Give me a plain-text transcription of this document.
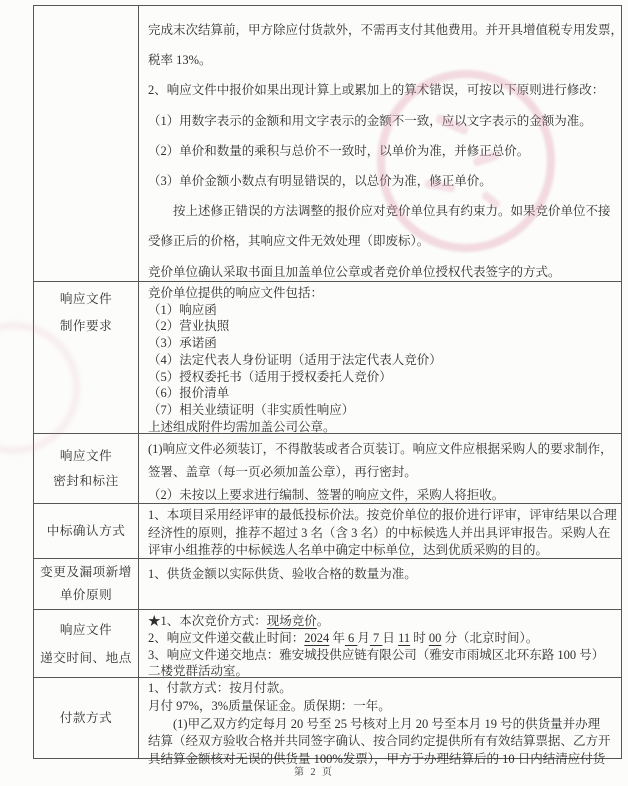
完成末次结算前，甲方除应付货款外，不需再支付其他费用。并开具增值税专用发票，
税率 13%。
2、响应文件中报价如果出现计算上或累加上的算术错误，可按以下原则进行修改：
（1）用数字表示的金额和用文字表示的金额不一致，应以文字表示的金额为准。
（2）单价和数量的乘积与总价不一致时，以单价为准，并修正总价。
（3）单价金额小数点有明显错误的，以总价为准，修正单价。
　　按上述修正错误的方法调整的报价应对竞价单位具有约束力。如果竞价单位不接
受修正后的价格，其响应文件无效处理（即废标）。
竞价单位确认采取书面且加盖单位公章或者竞价单位授权代表签字的方式。
响应文件
制作要求
竞价单位提供的响应文件包括：
（1）响应函
（2）营业执照
（3）承诺函
（4）法定代表人身份证明（适用于法定代表人竞价）
（5）授权委托书（适用于授权委托人竞价）
（6）报价清单
（7）相关业绩证明（非实质性响应）
上述组成附件均需加盖公司公章。
响应文件
密封和标注
(1)响应文件必须装订，不得散装或者合页装订。响应文件应根据采购人的要求制作，
签署、盖章（每一页必须加盖公章），再行密封。
（2）未按以上要求进行编制、签署的响应文件，采购人将拒收。
中标确认方式
1、本项目采用经评审的最低投标价法。按竞价单位的报价进行评审，评审结果以合理
经济性的原则，推荐不超过 3 名（含 3 名）的中标候选人并出具评审报告。采购人在
评审小组推荐的中标候选人名单中确定中标单位，达到优质采购的目的。
变更及漏项新增
单价原则
1、供货金额以实际供货、验收合格的数量为准。
响应文件
递交时间、地点
★1、本次竞价方式：现场竞价。
2、响应文件递交截止时间：2024 年 6 月 7 日 11 时 00 分（北京时间）。
3、响应文件递交地点：雅安城投供应链有限公司（雅安市雨城区北环东路 100 号）
二楼党群活动室。
付款方式
1、付款方式：按月付款。
月付 97%，3%质量保证金。质保期：一年。
　　(1)甲乙双方约定每月 20 号至 25 号核对上月 20 号至本月 19 号的供货量并办理
结算（经双方验收合格并共同签字确认、按合同约定提供所有有效结算票据、乙方开
具结算金额核对无误的供货量 100%发票），甲方于办理结算后的 10 日内结清应付货
第 2 页
